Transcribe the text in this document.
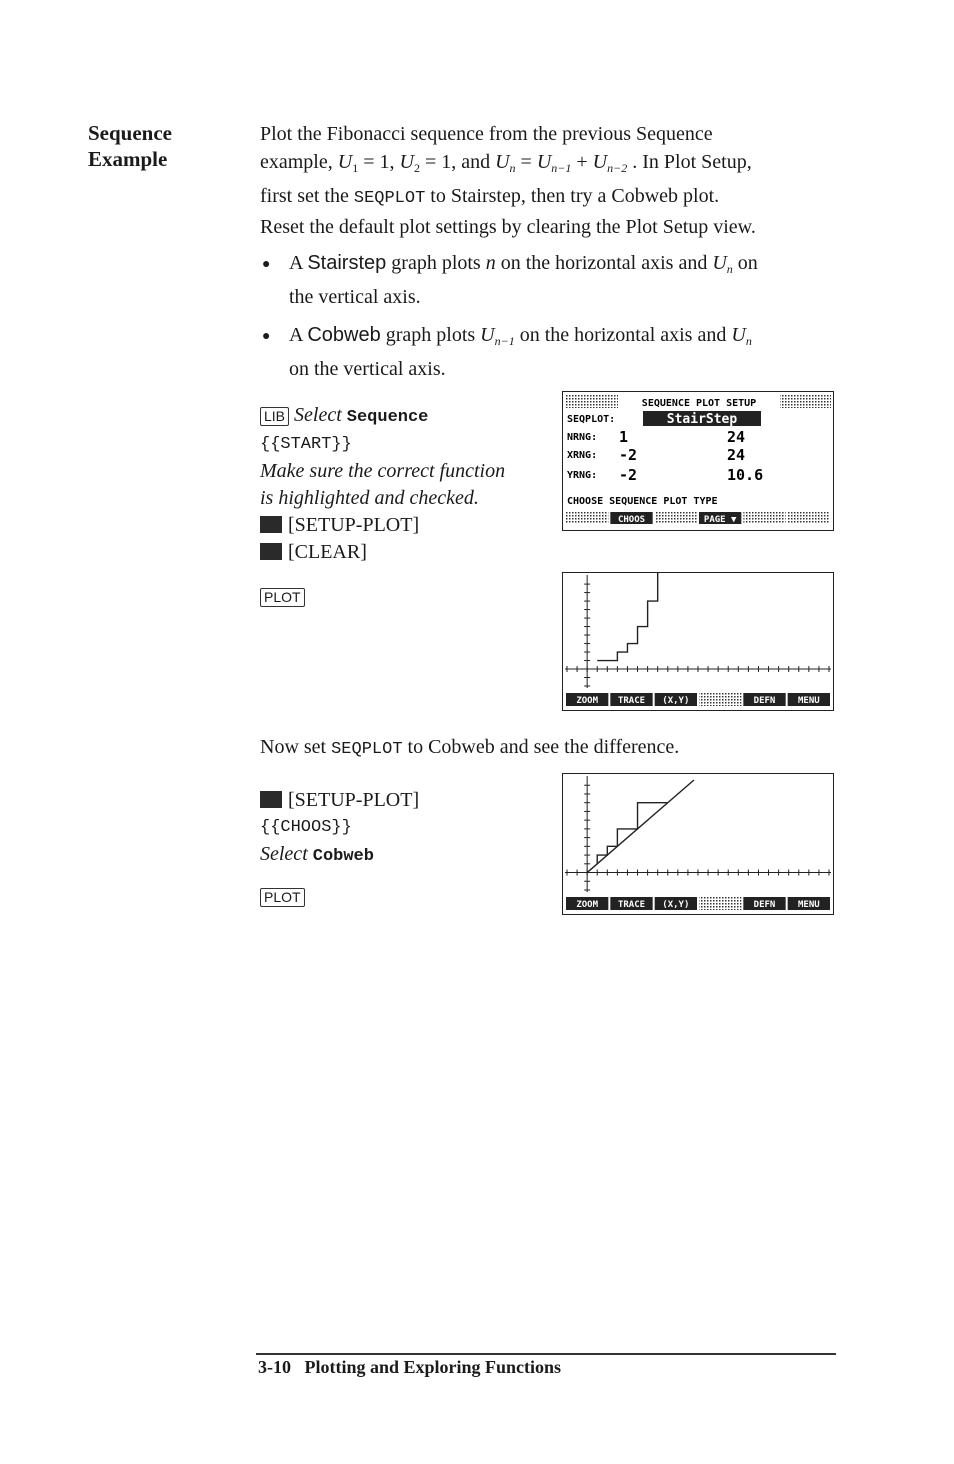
Sequence
Example
Plot the Fibonacci sequence from the previous Sequence
example, $U_1 = 1$, $U_2 = 1$, and $U_n = U_{n-1} + U_{n-2}$ . In Plot Setup,
first set the SEQPLOT to Stairstep, then try a Cobweb plot.
Reset the default plot settings by clearing the Plot Setup view.
● A Stairstep graph plots n on the horizontal axis and $U_n$ on
the vertical axis.
● A Cobweb graph plots $U_{n-1}$ on the horizontal axis and $U_n$
on the vertical axis.
LIB Select Sequence
{{START}}
Make sure the correct function
is highlighted and checked.
[SETUP-PLOT]
[CLEAR]
PLOT
SEQUENCE PLOT SETUP
SEQPLOT:	StairStep
NRNG: 1	24
XRNG: -2	24
YRNG: -2	10.6
CHOOSE SEQUENCE PLOT TYPE
CHOOS	PAGE ▼
ZOOM TRACE (X,Y)	DEFN	MENU
Now set SEQPLOT to Cobweb and see the difference.
[SETUP-PLOT]
{{CHOOS}}
Select Cobweb
PLOT	ZOOM TRACE (X,Y)	DEFN	MENU
3-10 Plotting and Exploring Functions
